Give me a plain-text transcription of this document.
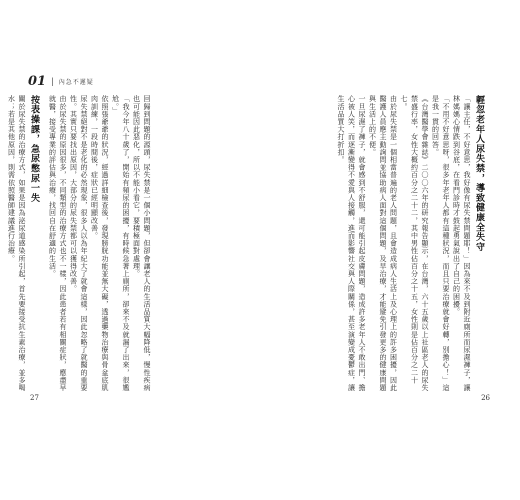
01 | 內急不遲疑
回歸到問題的源頭，尿失禁是一個小問題，但卻會讓老人的生活品質大幅降低，慢性疾病也可能因此惡化，所以不能小看它，要積極面對處理。
「我今年八十歲了，開始有頻尿的困擾，有時候急著上廁所，卻來不及就漏了出來，很尷尬。」
依照張爺爺的狀況，經過詳細檢查後，發現膀胱功能並無大礙，透過藥物治療與骨盆底肌肉訓練，一段時間後，症狀已經明顯改善。
尿失禁絕對不是老化的必然現象，很多人以為年紀大了就會這樣，因此忽略了就醫的重要性。其實只要找出原因，大部分的尿失禁都可以獲得改善。
由於尿失禁的原因很多，不同類型的治療方式也不一樣，因此患者若有相關症狀，應盡早就醫，接受專業的評估與治療，找回自在舒適的生活。
按表操課，急尿憋尿一失
關於尿失禁的治療方式，如果是因為泌尿道感染所引起，首先要接受抗生素治療，並多喝水；若是其他原因，則需依照醫師建議進行治療。
27
輕忽老年人尿失禁，導致健康全失守
「讓主任，不好意思，我好像有尿失禁問題耶！」因為來不及到附近廁所而尿濕褲子，讓林媽媽心情跌到谷底，在看門診時才鼓起勇氣說出了自己的困擾。
「不用不好意思呀，很多年老年人都有這種狀況，而且只要治療就會好轉，別擔心！」這是我一貫的回答。
《台灣醫學會雜誌》二〇〇六年的研究報告顯示，在台灣，六十五歲以上社區老人的尿失禁盛行率，女性大概約百分之二十二，其中男性佔百分之十五，女性則是佔百分之二十七。
由於尿失禁是一個相當普遍的老人問題，且會造成病人生活上及心理上的許多困擾，因此醫護人員應主動詢問並協助病人面對這個問題，及早治療，才能避免引發更多的健康問題與生活上的不便。
一旦尿濕了褲子，就會感到不舒服，還可能引起皮膚問題，造成許多老年人不敢出門、擔心被人笑，而逐漸變得不愛與人接觸，進而影響社交與人際關係，甚至演變成憂鬱症，讓生活品質大打折扣。
26
